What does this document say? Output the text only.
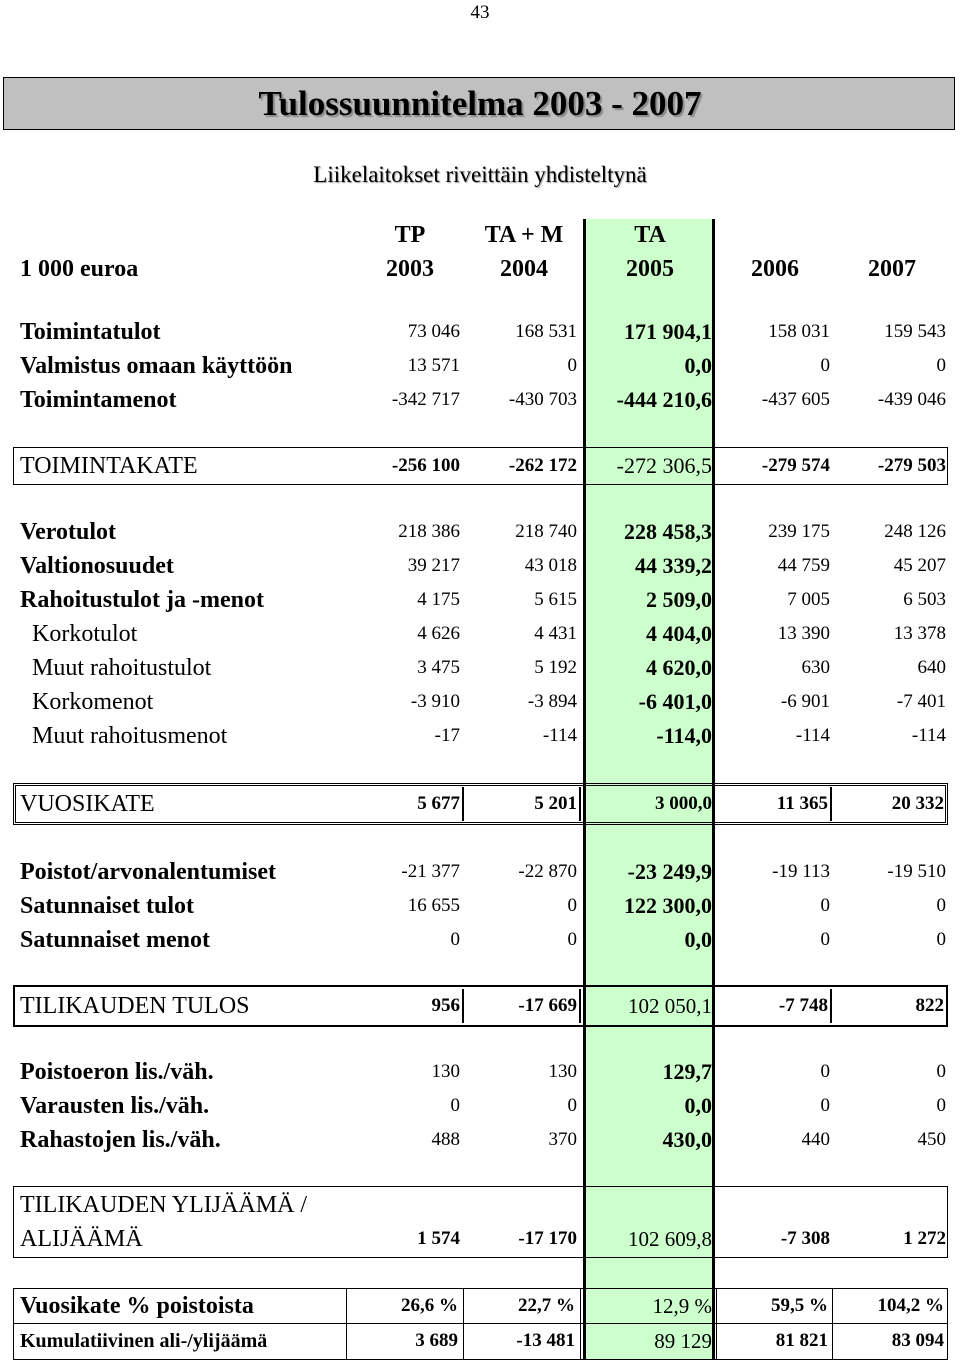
43
Tulossuunnitelma 2003 - 2007
Liikelaitokset riveittäin yhdisteltynä
TP	TA + M	TA
1 000 euroa	2003	2004	2005	2006	2007
Toimintatulot	73 046	168 531	171 904,1	158 031	159 543
Valmistus omaan käyttöön	13 571	0	0,0	0	0
Toimintamenot	-342 717	-430 703	-444 210,6	-437 605	-439 046
TOIMINTAKATE	-256 100	-262 172	-272 306,5	-279 574	-279 503
Verotulot	218 386	218 740	228 458,3	239 175	248 126
Valtionosuudet	39 217	43 018	44 339,2	44 759	45 207
Rahoitustulot ja -menot	4 175	5 615	2 509,0	7 005	6 503
Korkotulot	4 626	4 431	4 404,0	13 390	13 378
Muut rahoitustulot	3 475	5 192	4 620,0	630	640
Korkomenot	-3 910	-3 894	-6 401,0	-6 901	-7 401
Muut rahoitusmenot	-17	-114	-114,0	-114	-114
VUOSIKATE	5 677	5 201	3 000,0	11 365	20 332
Poistot/arvonalentumiset	-21 377	-22 870	-23 249,9	-19 113	-19 510
Satunnaiset tulot	16 655	0	122 300,0	0	0
Satunnaiset menot	0	0	0,0	0	0
TILIKAUDEN TULOS	956	-17 669	102 050,1	-7 748	822
Poistoeron lis./väh.	130	130	129,7	0	0
Varausten lis./väh.	0	0	0,0	0	0
Rahastojen lis./väh.	488	370	430,0	440	450
TILIKAUDEN YLIJÄÄMÄ /
ALIJÄÄMÄ	1 574	-17 170	102 609,8	-7 308	1 272
Vuosikate % poistoista	26,6 %	22,7 %	12,9 %	59,5 %	104,2 %
Kumulatiivinen ali-/ylijäämä	3 689	-13 481	89 129	81 821	83 094
